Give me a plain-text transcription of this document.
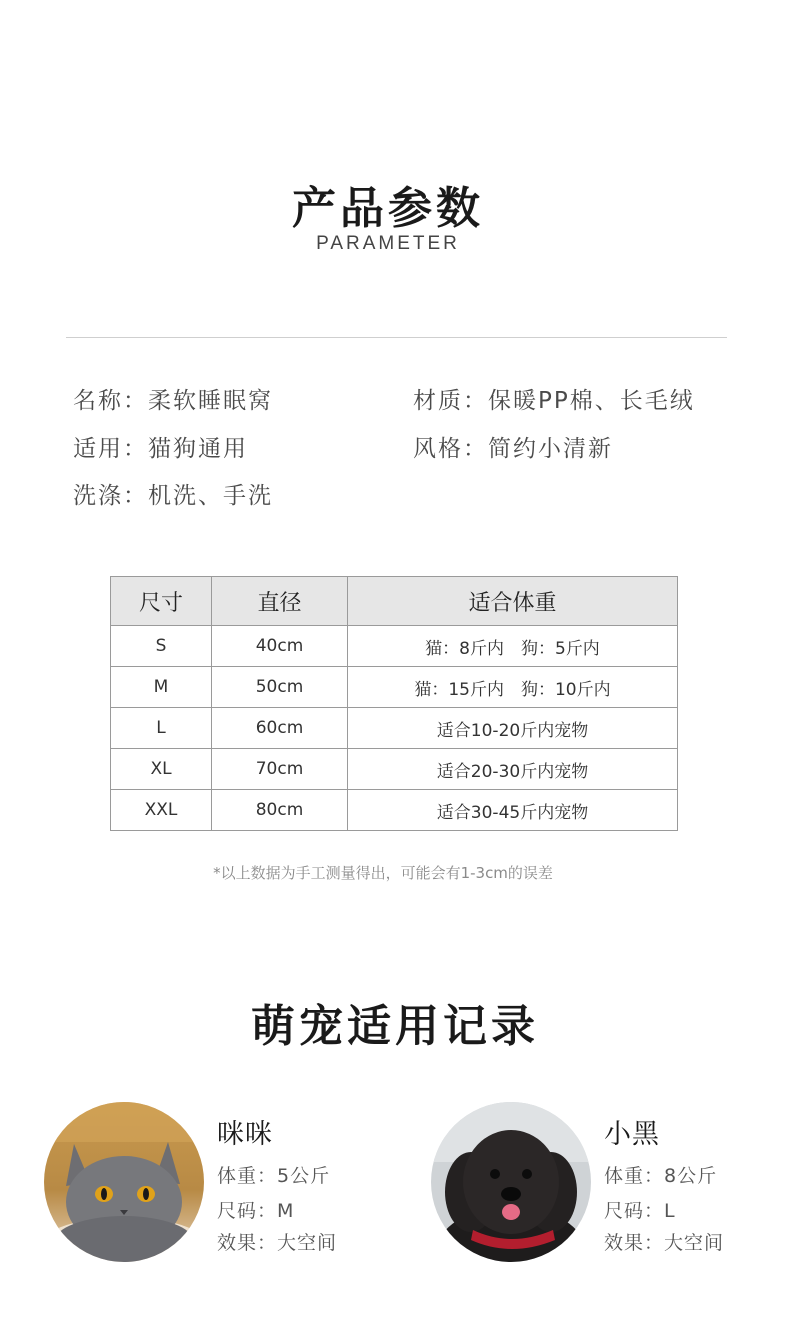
产品参数
PARAMETER
名称：柔软睡眠窝	材质：保暖PP棉、长毛绒
适用：猫狗通用	风格：简约小清新
洗涤：机洗、手洗
尺寸	直径	适合体重
S	40cm	猫：8斤内　狗：5斤内
M	50cm	猫：15斤内　狗：10斤内
L	60cm	适合10-20斤内宠物
XL	70cm	适合20-30斤内宠物
XXL	80cm	适合30-45斤内宠物
*以上数据为手工测量得出，可能会有1-3cm的误差
萌宠适用记录
咪咪
体重：5公斤
尺码：M
效果：大空间
小黑
体重：8公斤
尺码：L
效果：大空间
